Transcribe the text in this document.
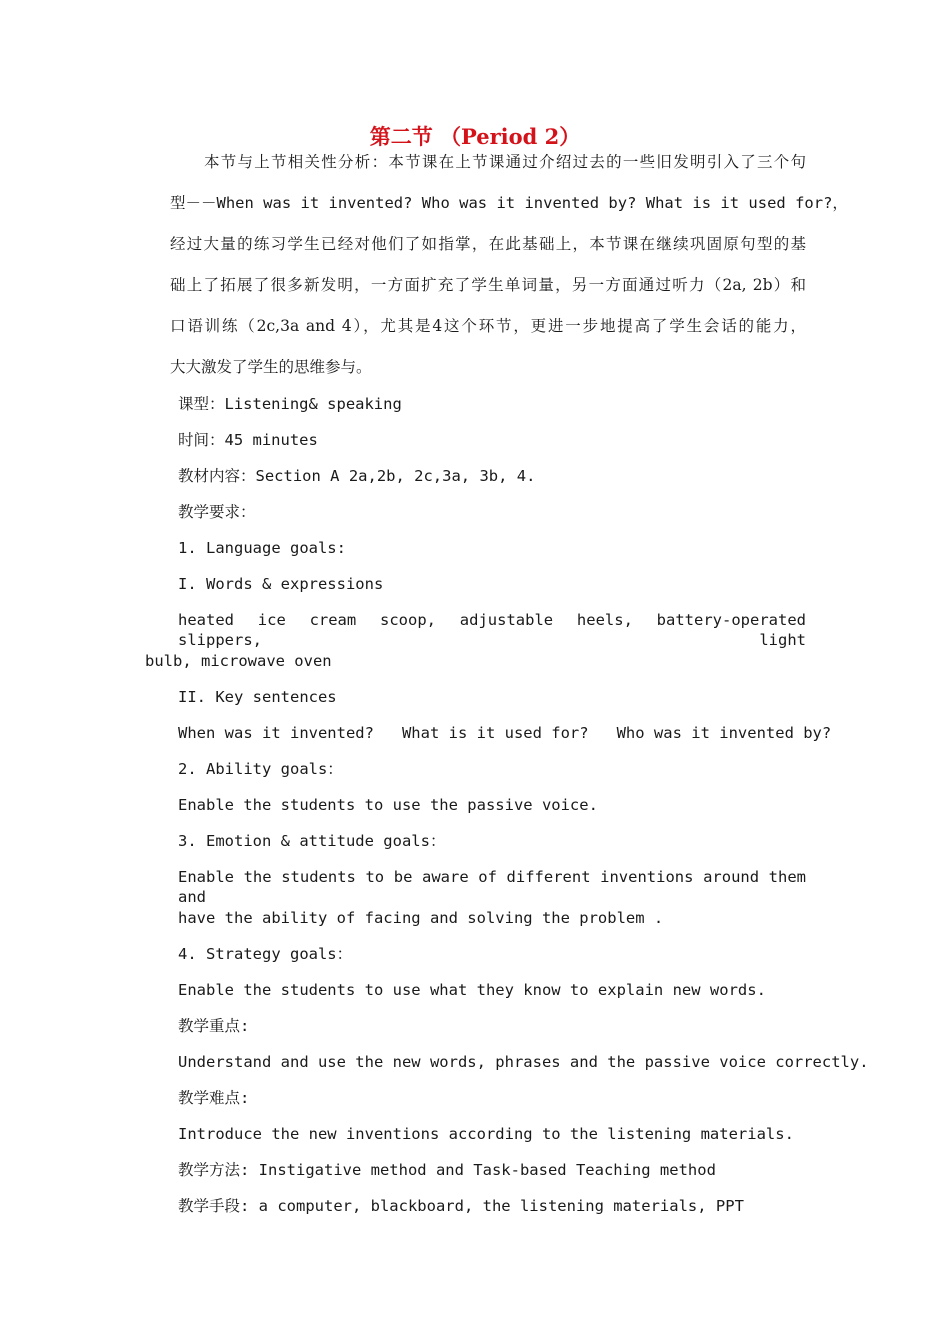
第二节 （Period 2）
本节与上节相关性分析：本节课在上节课通过介绍过去的一些旧发明引入了三个句
型－－When was it invented? Who was it invented by? What is it used for?，
经过大量的练习学生已经对他们了如指掌，在此基础上，本节课在继续巩固原句型的基
础上了拓展了很多新发明，一方面扩充了学生单词量，另一方面通过听力（2a, 2b）和
口语训练（2c,3a and 4），尤其是4这个环节，更进一步地提高了学生会话的能力，
大大激发了学生的思维参与。
课型：Listening& speaking
时间：45 minutes
教材内容：Section A 2a,2b, 2c,3a, 3b, 4.
教学要求：
1. Language goals:
I. Words & expressions
heated ice cream scoop, adjustable heels, battery-operated slippers, light
bulb, microwave oven
II. Key sentences
When was it invented?   What is it used for?   Who was it invented by?
2. Ability goals：
Enable the students to use the passive voice.
3. Emotion & attitude goals：
Enable the students to be aware of different inventions around them and
have the ability of facing and solving the problem .
4. Strategy goals：
Enable the students to use what they know to explain new words.
教学重点:
Understand and use the new words, phrases and the passive voice correctly.
教学难点:
Introduce the new inventions according to the listening materials.
教学方法: Instigative method and Task-based Teaching method
教学手段: a computer, blackboard, the listening materials, PPT
